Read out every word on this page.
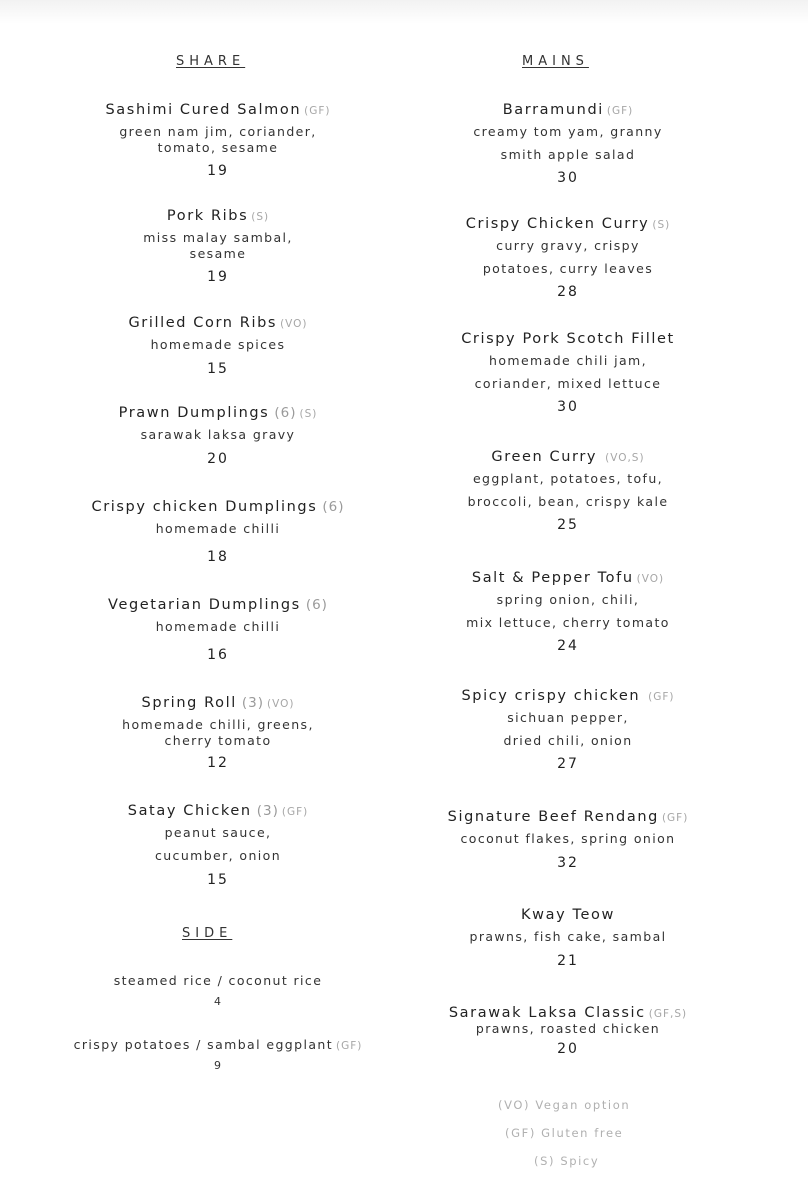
SHARE
Sashimi Cured Salmon (GF)
green nam jim, coriander,
tomato, sesame
19
Pork Ribs (S)
miss malay sambal,
sesame
19
Grilled Corn Ribs (VO)
homemade spices
15
Prawn Dumplings (6) (S)
sarawak laksa gravy
20
Crispy chicken Dumplings (6)
homemade chilli
18
Vegetarian Dumplings (6)
homemade chilli
16
Spring Roll (3) (VO)
homemade chilli, greens,
cherry tomato
12
Satay Chicken (3) (GF)
peanut sauce,
cucumber, onion
15
SIDE
steamed rice / coconut rice
4
crispy potatoes / sambal eggplant (GF)
9
MAINS
Barramundi (GF)
creamy tom yam, granny
smith apple salad
30
Crispy Chicken Curry (S)
curry gravy, crispy
potatoes, curry leaves
28
Crispy Pork Scotch Fillet
homemade chili jam,
coriander, mixed lettuce
30
Green Curry (VO,S)
eggplant, potatoes, tofu,
broccoli, bean, crispy kale
25
Salt & Pepper Tofu (VO)
spring onion, chili,
mix lettuce, cherry tomato
24
Spicy crispy chicken (GF)
sichuan pepper,
dried chili, onion
27
Signature Beef Rendang (GF)
coconut flakes, spring onion
32
Kway Teow
prawns, fish cake, sambal
21
Sarawak Laksa Classic (GF,S)
prawns, roasted chicken
20
(VO) Vegan option
(GF) Gluten free
(S) Spicy
